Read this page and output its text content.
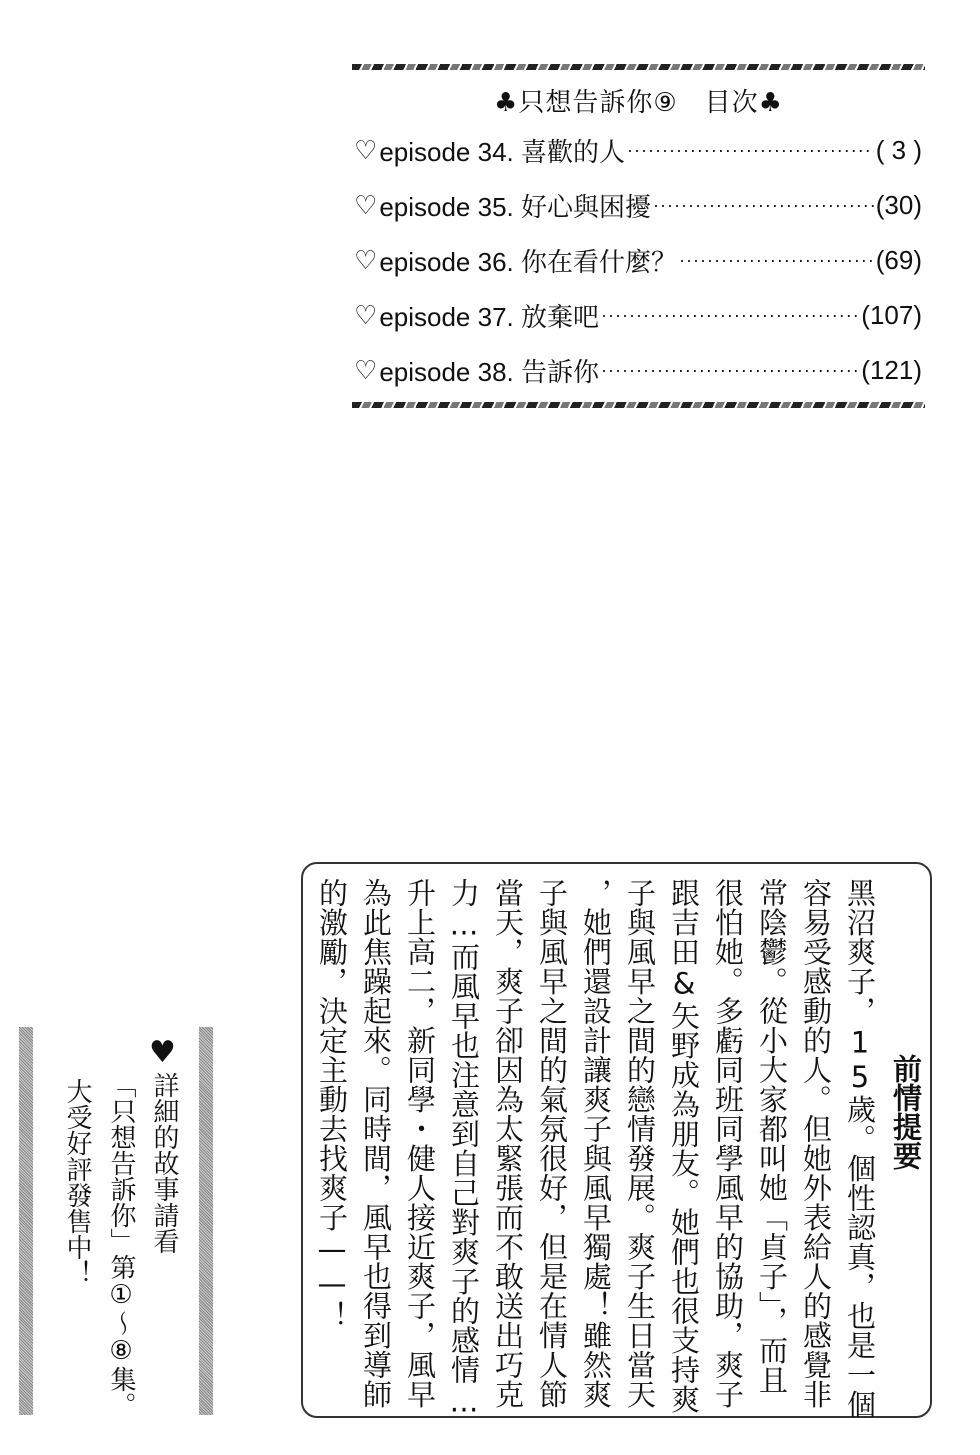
♣只想告訴你⑨　目次♣
♡ episode 34. 喜歡的人 ·····	( 3 )
♡ episode 35. 好心與困擾 ·····	(30)
♡ episode 36. 你在看什麼？ ·····	(69)
♡ episode 37. 放棄吧 ·····	(107)
♡ episode 38. 告訴你 ·····	(121)
前情提要
黑沼爽子，15歲。個性認真，也是一個
容易受感動的人。但她外表給人的感覺非
常陰鬱。從小大家都叫她「貞子」，而且
很怕她。多虧同班同學風早的協助，爽子
跟吉田&矢野成為朋友。她們也很支持爽
子與風早之間的戀情發展。爽子生日當天
，她們還設計讓爽子與風早獨處！雖然爽
子與風早之間的氣氛很好，但是在情人節
當天，爽子卻因為太緊張而不敢送出巧克
力…而風早也注意到自己對爽子的感情…
升上高二，新同學・健人接近爽子，風早
為此焦躁起來。同時間，風早也得到導師
的激勵，決定主動去找爽子——！
♥
詳細的故事請看
「只想告訴你」第①～⑧集。
大受好評發售中！
